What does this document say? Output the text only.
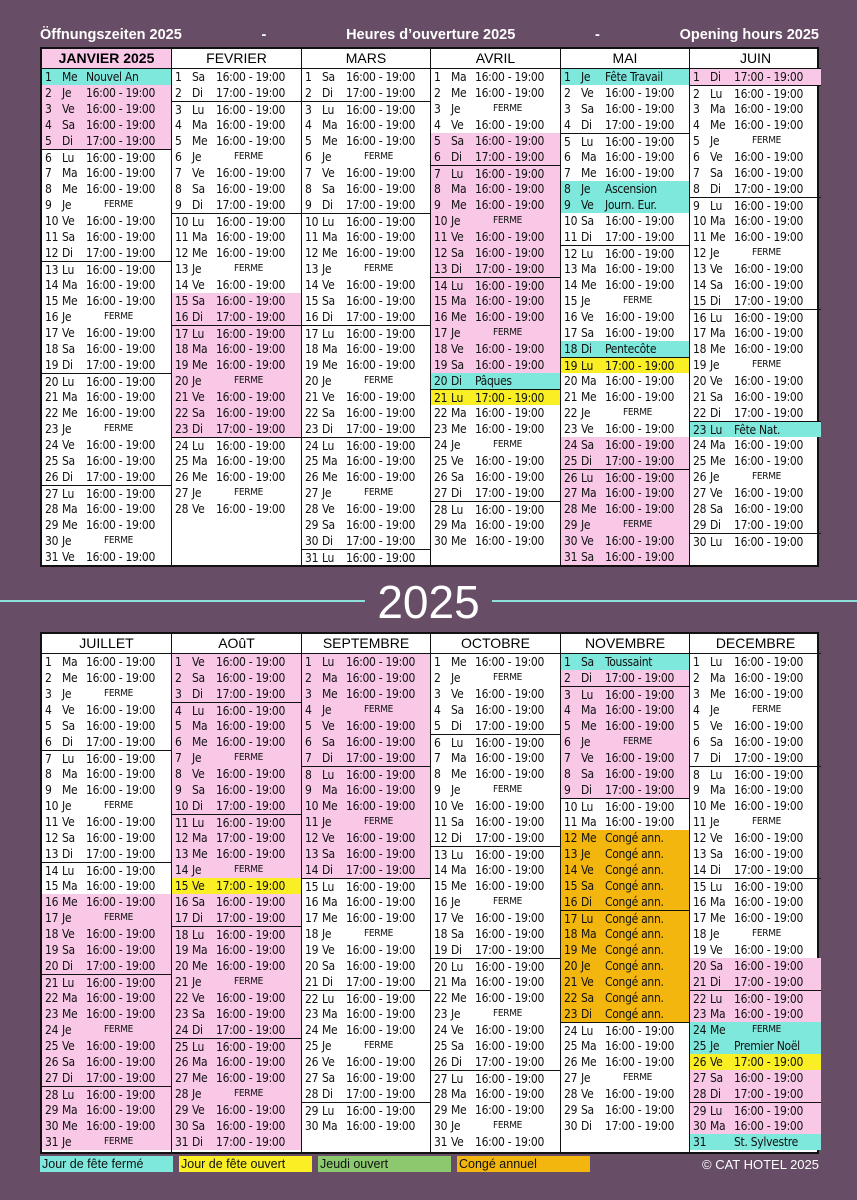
Öffnungszeiten 2025	-	Heures d’ouverture 2025	-	Opening hours 2025
JANVIER 2025
1 Me Nouvel An
2 Je	16:00 - 19:00
3 Ve 16:00 - 19:00
4 Sa 16:00 - 19:00
5 Di	17:00 - 19:00
6 Lu 16:00 - 19:00
7 Ma 16:00 - 19:00
8 Me 16:00 - 19:00
9 Je	FERME
10 Ve 16:00 - 19:00
11 Sa 16:00 - 19:00
12 Di	17:00 - 19:00
13 Lu 16:00 - 19:00
14 Ma 16:00 - 19:00
15 Me 16:00 - 19:00
16 Je	FERME
17 Ve 16:00 - 19:00
18 Sa 16:00 - 19:00
19 Di	17:00 - 19:00
20 Lu 16:00 - 19:00
21 Ma 16:00 - 19:00
22 Me 16:00 - 19:00
23 Je	FERME
24 Ve 16:00 - 19:00
25 Sa 16:00 - 19:00
26 Di	17:00 - 19:00
27 Lu 16:00 - 19:00
28 Ma 16:00 - 19:00
29 Me 16:00 - 19:00
30 Je	FERME
31 Ve 16:00 - 19:00
FEVRIER
1 Sa 16:00 - 19:00
2 Di	17:00 - 19:00
3 Lu 16:00 - 19:00
4 Ma 16:00 - 19:00
5 Me 16:00 - 19:00
6 Je	FERME
7 Ve 16:00 - 19:00
8 Sa 16:00 - 19:00
9 Di	17:00 - 19:00
10 Lu 16:00 - 19:00
11 Ma 16:00 - 19:00
12 Me 16:00 - 19:00
13 Je	FERME
14 Ve 16:00 - 19:00
15 Sa 16:00 - 19:00
16 Di	17:00 - 19:00
17 Lu 16:00 - 19:00
18 Ma 16:00 - 19:00
19 Me 16:00 - 19:00
20 Je	FERME
21 Ve 16:00 - 19:00
22 Sa 16:00 - 19:00
23 Di	17:00 - 19:00
24 Lu 16:00 - 19:00
25 Ma 16:00 - 19:00
26 Me 16:00 - 19:00
27 Je	FERME
28 Ve 16:00 - 19:00
MARS
1 Sa 16:00 - 19:00
2 Di	17:00 - 19:00
3 Lu 16:00 - 19:00
4 Ma 16:00 - 19:00
5 Me 16:00 - 19:00
6 Je	FERME
7 Ve 16:00 - 19:00
8 Sa 16:00 - 19:00
9 Di	17:00 - 19:00
10 Lu 16:00 - 19:00
11 Ma 16:00 - 19:00
12 Me 16:00 - 19:00
13 Je	FERME
14 Ve 16:00 - 19:00
15 Sa 16:00 - 19:00
16 Di	17:00 - 19:00
17 Lu 16:00 - 19:00
18 Ma 16:00 - 19:00
19 Me 16:00 - 19:00
20 Je	FERME
21 Ve 16:00 - 19:00
22 Sa 16:00 - 19:00
23 Di	17:00 - 19:00
24 Lu 16:00 - 19:00
25 Ma 16:00 - 19:00
26 Me 16:00 - 19:00
27 Je	FERME
28 Ve 16:00 - 19:00
29 Sa 16:00 - 19:00
30 Di	17:00 - 19:00
31 Lu 16:00 - 19:00
AVRIL
1 Ma 16:00 - 19:00
2 Me 16:00 - 19:00
3 Je	FERME
4 Ve 16:00 - 19:00
5 Sa 16:00 - 19:00
6 Di	17:00 - 19:00
7 Lu 16:00 - 19:00
8 Ma 16:00 - 19:00
9 Me 16:00 - 19:00
10 Je	FERME
11 Ve 16:00 - 19:00
12 Sa 16:00 - 19:00
13 Di	17:00 - 19:00
14 Lu 16:00 - 19:00
15 Ma 16:00 - 19:00
16 Me 16:00 - 19:00
17 Je	FERME
18 Ve 16:00 - 19:00
19 Sa 16:00 - 19:00
20 Di	Pâques
21 Lu 17:00 - 19:00
22 Ma 16:00 - 19:00
23 Me 16:00 - 19:00
24 Je	FERME
25 Ve 16:00 - 19:00
26 Sa 16:00 - 19:00
27 Di	17:00 - 19:00
28 Lu 16:00 - 19:00
29 Ma 16:00 - 19:00
30 Me 16:00 - 19:00
MAI
1 Je	Fête Travail
2 Ve 16:00 - 19:00
3 Sa 16:00 - 19:00
4 Di	17:00 - 19:00
5 Lu 16:00 - 19:00
6 Ma 16:00 - 19:00
7 Me 16:00 - 19:00
8 Je	Ascension
9 Ve Journ. Eur.
10 Sa 16:00 - 19:00
11 Di	17:00 - 19:00
12 Lu 16:00 - 19:00
13 Ma 16:00 - 19:00
14 Me 16:00 - 19:00
15 Je	FERME
16 Ve 16:00 - 19:00
17 Sa 16:00 - 19:00
18 Di	Pentecôte
19 Lu 17:00 - 19:00
20 Ma 16:00 - 19:00
21 Me 16:00 - 19:00
22 Je	FERME
23 Ve 16:00 - 19:00
24 Sa 16:00 - 19:00
25 Di	17:00 - 19:00
26 Lu 16:00 - 19:00
27 Ma 16:00 - 19:00
28 Me 16:00 - 19:00
29 Je	FERME
30 Ve 16:00 - 19:00
31 Sa 16:00 - 19:00
JUIN
1 Di	17:00 - 19:00
2 Lu 16:00 - 19:00
3 Ma 16:00 - 19:00
4 Me 16:00 - 19:00
5 Je	FERME
6 Ve 16:00 - 19:00
7 Sa 16:00 - 19:00
8 Di	17:00 - 19:00
9 Lu 16:00 - 19:00
10 Ma 16:00 - 19:00
11 Me 16:00 - 19:00
12 Je	FERME
13 Ve 16:00 - 19:00
14 Sa 16:00 - 19:00
15 Di	17:00 - 19:00
16 Lu 16:00 - 19:00
17 Ma 16:00 - 19:00
18 Me 16:00 - 19:00
19 Je	FERME
20 Ve 16:00 - 19:00
21 Sa 16:00 - 19:00
22 Di	17:00 - 19:00
23 Lu Fête Nat.
24 Ma 16:00 - 19:00
25 Me 16:00 - 19:00
26 Je	FERME
27 Ve 16:00 - 19:00
28 Sa 16:00 - 19:00
29 Di	17:00 - 19:00
30 Lu 16:00 - 19:00
2025
JUILLET
1 Ma 16:00 - 19:00
2 Me 16:00 - 19:00
3 Je	FERME
4 Ve 16:00 - 19:00
5 Sa 16:00 - 19:00
6 Di	17:00 - 19:00
7 Lu 16:00 - 19:00
8 Ma 16:00 - 19:00
9 Me 16:00 - 19:00
10 Je	FERME
11 Ve 16:00 - 19:00
12 Sa 16:00 - 19:00
13 Di	17:00 - 19:00
14 Lu 16:00 - 19:00
15 Ma 16:00 - 19:00
16 Me 16:00 - 19:00
17 Je	FERME
18 Ve 16:00 - 19:00
19 Sa 16:00 - 19:00
20 Di	17:00 - 19:00
21 Lu 16:00 - 19:00
22 Ma 16:00 - 19:00
23 Me 16:00 - 19:00
24 Je	FERME
25 Ve 16:00 - 19:00
26 Sa 16:00 - 19:00
27 Di	17:00 - 19:00
28 Lu 16:00 - 19:00
29 Ma 16:00 - 19:00
30 Me 16:00 - 19:00
31 Je	FERME
AOûT
1 Ve 16:00 - 19:00
2 Sa 16:00 - 19:00
3 Di	17:00 - 19:00
4 Lu 16:00 - 19:00
5 Ma 16:00 - 19:00
6 Me 16:00 - 19:00
7 Je	FERME
8 Ve 16:00 - 19:00
9 Sa 16:00 - 19:00
10 Di	17:00 - 19:00
11 Lu 16:00 - 19:00
12 Ma 17:00 - 19:00
13 Me 16:00 - 19:00
14 Je	FERME
15 Ve 17:00 - 19:00
16 Sa 16:00 - 19:00
17 Di	17:00 - 19:00
18 Lu 16:00 - 19:00
19 Ma 16:00 - 19:00
20 Me 16:00 - 19:00
21 Je	FERME
22 Ve 16:00 - 19:00
23 Sa 16:00 - 19:00
24 Di	17:00 - 19:00
25 Lu 16:00 - 19:00
26 Ma 16:00 - 19:00
27 Me 16:00 - 19:00
28 Je	FERME
29 Ve 16:00 - 19:00
30 Sa 16:00 - 19:00
31 Di	17:00 - 19:00
SEPTEMBRE
1 Lu 16:00 - 19:00
2 Ma 16:00 - 19:00
3 Me 16:00 - 19:00
4 Je	FERME
5 Ve 16:00 - 19:00
6 Sa 16:00 - 19:00
7 Di	17:00 - 19:00
8 Lu 16:00 - 19:00
9 Ma 16:00 - 19:00
10 Me 16:00 - 19:00
11 Je	FERME
12 Ve 16:00 - 19:00
13 Sa 16:00 - 19:00
14 Di	17:00 - 19:00
15 Lu 16:00 - 19:00
16 Ma 16:00 - 19:00
17 Me 16:00 - 19:00
18 Je	FERME
19 Ve 16:00 - 19:00
20 Sa 16:00 - 19:00
21 Di	17:00 - 19:00
22 Lu 16:00 - 19:00
23 Ma 16:00 - 19:00
24 Me 16:00 - 19:00
25 Je	FERME
26 Ve 16:00 - 19:00
27 Sa 16:00 - 19:00
28 Di	17:00 - 19:00
29 Lu 16:00 - 19:00
30 Ma 16:00 - 19:00
OCTOBRE
1 Me 16:00 - 19:00
2 Je	FERME
3 Ve 16:00 - 19:00
4 Sa 16:00 - 19:00
5 Di	17:00 - 19:00
6 Lu 16:00 - 19:00
7 Ma 16:00 - 19:00
8 Me 16:00 - 19:00
9 Je	FERME
10 Ve 16:00 - 19:00
11 Sa 16:00 - 19:00
12 Di	17:00 - 19:00
13 Lu 16:00 - 19:00
14 Ma 16:00 - 19:00
15 Me 16:00 - 19:00
16 Je	FERME
17 Ve 16:00 - 19:00
18 Sa 16:00 - 19:00
19 Di	17:00 - 19:00
20 Lu 16:00 - 19:00
21 Ma 16:00 - 19:00
22 Me 16:00 - 19:00
23 Je	FERME
24 Ve 16:00 - 19:00
25 Sa 16:00 - 19:00
26 Di	17:00 - 19:00
27 Lu 16:00 - 19:00
28 Ma 16:00 - 19:00
29 Me 16:00 - 19:00
30 Je	FERME
31 Ve 16:00 - 19:00
NOVEMBRE
1 Sa Toussaint
2 Di	17:00 - 19:00
3 Lu 16:00 - 19:00
4 Ma 16:00 - 19:00
5 Me 16:00 - 19:00
6 Je	FERME
7 Ve 16:00 - 19:00
8 Sa 16:00 - 19:00
9 Di	17:00 - 19:00
10 Lu 16:00 - 19:00
11 Ma 16:00 - 19:00
12 Me Congé ann.
13 Je	Congé ann.
14 Ve Congé ann.
15 Sa Congé ann.
16 Di	Congé ann.
17 Lu Congé ann.
18 Ma Congé ann.
19 Me Congé ann.
20 Je	Congé ann.
21 Ve Congé ann.
22 Sa Congé ann.
23 Di	Congé ann.
24 Lu 16:00 - 19:00
25 Ma 16:00 - 19:00
26 Me 16:00 - 19:00
27 Je	FERME
28 Ve 16:00 - 19:00
29 Sa 16:00 - 19:00
30 Di	17:00 - 19:00
DECEMBRE
1 Lu 16:00 - 19:00
2 Ma 16:00 - 19:00
3 Me 16:00 - 19:00
4 Je	FERME
5 Ve 16:00 - 19:00
6 Sa 16:00 - 19:00
7 Di	17:00 - 19:00
8 Lu 16:00 - 19:00
9 Ma 16:00 - 19:00
10 Me 16:00 - 19:00
11 Je	FERME
12 Ve 16:00 - 19:00
13 Sa 16:00 - 19:00
14 Di	17:00 - 19:00
15 Lu 16:00 - 19:00
16 Ma 16:00 - 19:00
17 Me 16:00 - 19:00
18 Je	FERME
19 Ve 16:00 - 19:00
20 Sa 16:00 - 19:00
21 Di	17:00 - 19:00
22 Lu 16:00 - 19:00
23 Ma 16:00 - 19:00
24 Me	FERME
25 Je	Premier Noël
26 Ve 17:00 - 19:00
27 Sa 16:00 - 19:00
28 Di	17:00 - 19:00
29 Lu 16:00 - 19:00
30 Ma 16:00 - 19:00
31	St. Sylvestre
Jour de fête fermé	Jour de fête ouvert	Jeudi ouvert	Congé annuel	© CAT HOTEL 2025
